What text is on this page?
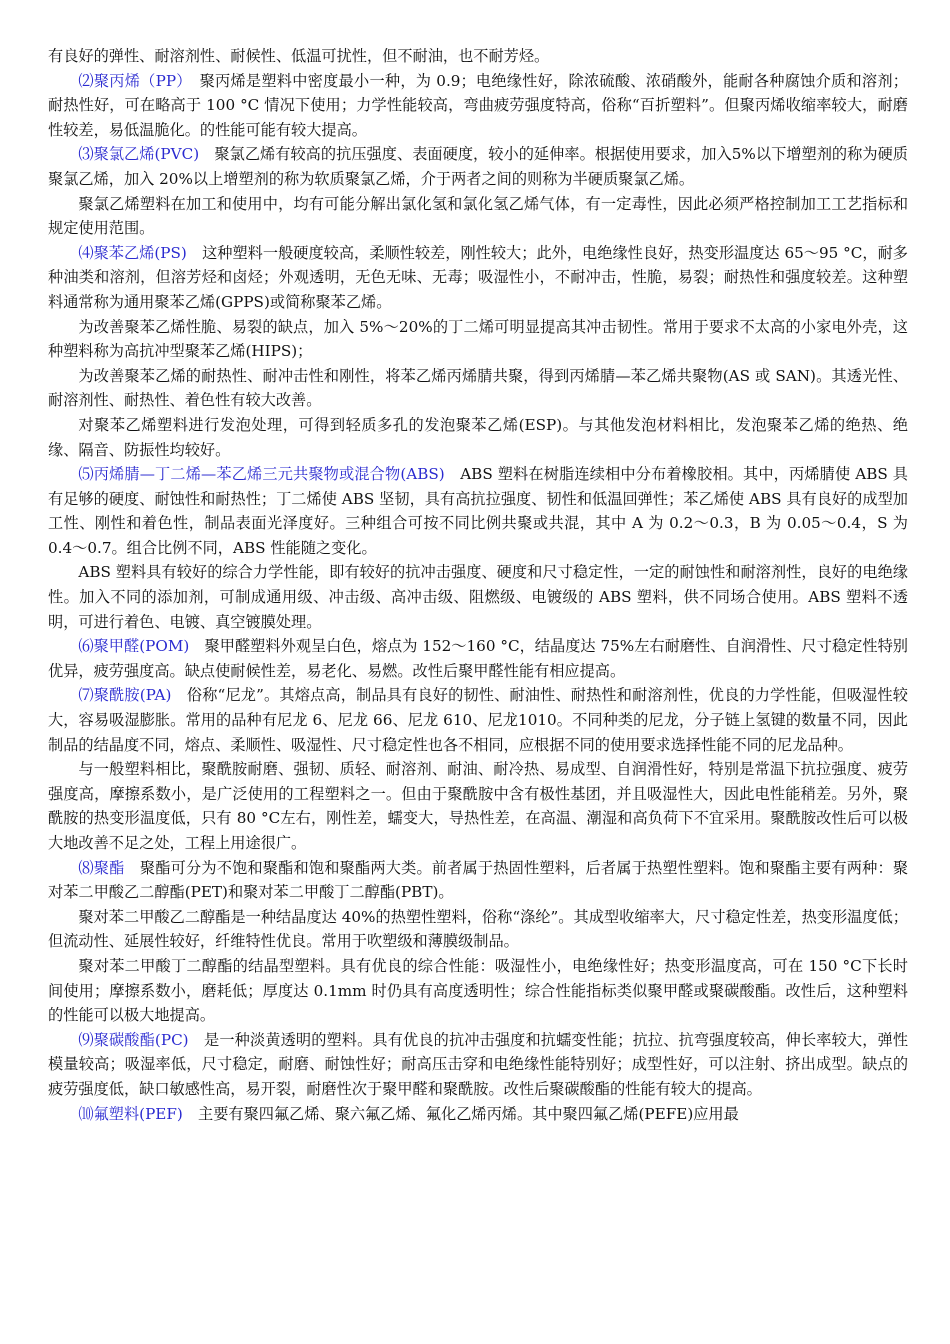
有良好的弹性、耐溶剂性、耐候性、低温可扰性，但不耐油，也不耐芳烃。

⑵聚丙烯（PP）　聚丙烯是塑料中密度最小一种，为 0.9；电绝缘性好，除浓硫酸、浓硝酸外，能耐各种腐蚀介质和溶剂；耐热性好，可在略高于 100 °C 情况下使用；力学性能较高，弯曲疲劳强度特高，俗称“百折塑料”。但聚丙烯收缩率较大，耐磨性较差，易低温脆化。的性能可能有较大提高。

⑶聚氯乙烯(PVC)　聚氯乙烯有较高的抗压强度、表面硬度，较小的延伸率。根据使用要求，加入5%以下增塑剂的称为硬质聚氯乙烯，加入 20%以上增塑剂的称为软质聚氯乙烯，介于两者之间的则称为半硬质聚氯乙烯。

聚氯乙烯塑料在加工和使用中，均有可能分解出氯化氢和氯化氢乙烯气体，有一定毒性，因此必须严格控制加工工艺指标和规定使用范围。

⑷聚苯乙烯(PS)　这种塑料一般硬度较高，柔顺性较差，刚性较大；此外，电绝缘性良好，热变形温度达 65～95 °C，耐多种油类和溶剂，但溶芳烃和卤烃；外观透明，无色无味、无毒；吸湿性小，不耐冲击，性脆，易裂；耐热性和强度较差。这种塑料通常称为通用聚苯乙烯(GPPS)或简称聚苯乙烯。

为改善聚苯乙烯性脆、易裂的缺点，加入 5%～20%的丁二烯可明显提高其冲击韧性。常用于要求不太高的小家电外壳，这种塑料称为高抗冲型聚苯乙烯(HIPS)；

为改善聚苯乙烯的耐热性、耐冲击性和刚性，将苯乙烯丙烯腈共聚，得到丙烯腈—苯乙烯共聚物(AS 或 SAN)。其透光性、耐溶剂性、耐热性、着色性有较大改善。

对聚苯乙烯塑料进行发泡处理，可得到轻质多孔的发泡聚苯乙烯(ESP)。与其他发泡材料相比，发泡聚苯乙烯的绝热、绝缘、隔音、防振性均较好。

⑸丙烯腈—丁二烯—苯乙烯三元共聚物或混合物(ABS)　ABS 塑料在树脂连续相中分布着橡胶相。其中，丙烯腈使 ABS 具有足够的硬度、耐蚀性和耐热性；丁二烯使 ABS 坚韧，具有高抗拉强度、韧性和低温回弹性；苯乙烯使 ABS 具有良好的成型加工性、刚性和着色性，制品表面光泽度好。三种组合可按不同比例共聚或共混，其中 A 为 0.2～0.3，B 为 0.05～0.4，S 为 0.4～0.7。组合比例不同，ABS 性能随之变化。

ABS 塑料具有较好的综合力学性能，即有较好的抗冲击强度、硬度和尺寸稳定性，一定的耐蚀性和耐溶剂性，良好的电绝缘性。加入不同的添加剂，可制成通用级、冲击级、高冲击级、阻燃级、电镀级的 ABS 塑料，供不同场合使用。ABS 塑料不透明，可进行着色、电镀、真空镀膜处理。

⑹聚甲醛(POM)　聚甲醛塑料外观呈白色，熔点为 152～160 °C，结晶度达 75%左右耐磨性、自润滑性、尺寸稳定性特别优异，疲劳强度高。缺点使耐候性差，易老化、易燃。改性后聚甲醛性能有相应提高。

⑺聚酰胺(PA)　俗称“尼龙”。其熔点高，制品具有良好的韧性、耐油性、耐热性和耐溶剂性，优良的力学性能，但吸湿性较大，容易吸湿膨胀。常用的品种有尼龙 6、尼龙 66、尼龙 610、尼龙1010。不同种类的尼龙，分子链上氢键的数量不同，因此制品的结晶度不同，熔点、柔顺性、吸湿性、尺寸稳定性也各不相同，应根据不同的使用要求选择性能不同的尼龙品种。

与一般塑料相比，聚酰胺耐磨、强韧、质轻、耐溶剂、耐油、耐冷热、易成型、自润滑性好，特别是常温下抗拉强度、疲劳强度高，摩擦系数小，是广泛使用的工程塑料之一。但由于聚酰胺中含有极性基团，并且吸湿性大，因此电性能稍差。另外，聚酰胺的热变形温度低，只有 80 °C左右，刚性差，蠕变大，导热性差，在高温、潮湿和高负荷下不宜采用。聚酰胺改性后可以极大地改善不足之处，工程上用途很广。

⑻聚酯　聚酯可分为不饱和聚酯和饱和聚酯两大类。前者属于热固性塑料，后者属于热塑性塑料。饱和聚酯主要有两种：聚对苯二甲酸乙二醇酯(PET)和聚对苯二甲酸丁二醇酯(PBT)。

聚对苯二甲酸乙二醇酯是一种结晶度达 40%的热塑性塑料，俗称“涤纶”。其成型收缩率大，尺寸稳定性差，热变形温度低；但流动性、延展性较好，纤维特性优良。常用于吹塑级和薄膜级制品。

聚对苯二甲酸丁二醇酯的结晶型塑料。具有优良的综合性能：吸湿性小，电绝缘性好；热变形温度高，可在 150 °C下长时间使用；摩擦系数小，磨耗低；厚度达 0.1mm 时仍具有高度透明性；综合性能指标类似聚甲醛或聚碳酸酯。改性后，这种塑料的性能可以极大地提高。

⑼聚碳酸酯(PC)　是一种淡黄透明的塑料。具有优良的抗冲击强度和抗蠕变性能；抗拉、抗弯强度较高，伸长率较大，弹性模量较高；吸湿率低，尺寸稳定，耐磨、耐蚀性好；耐高压击穿和电绝缘性能特别好；成型性好，可以注射、挤出成型。缺点的疲劳强度低，缺口敏感性高，易开裂，耐磨性次于聚甲醛和聚酰胺。改性后聚碳酸酯的性能有较大的提高。

⑽氟塑料(PEF)　主要有聚四氟乙烯、聚六氟乙烯、氟化乙烯丙烯。其中聚四氟乙烯(PEFE)应用最
